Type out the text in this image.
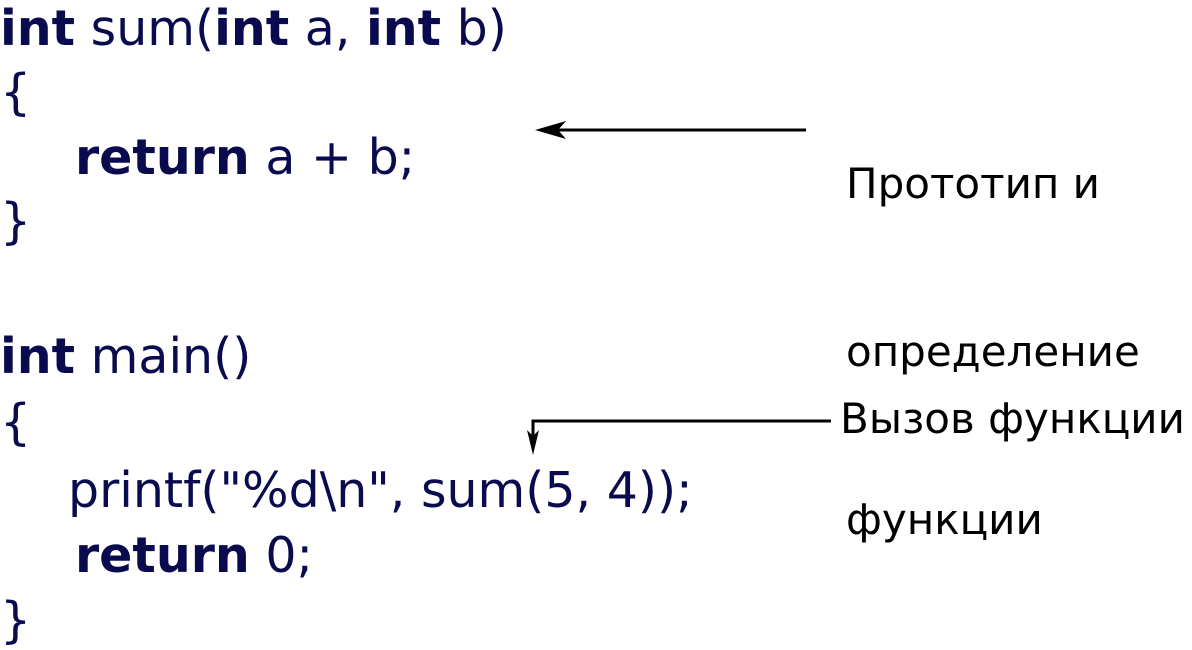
int sum(int a, int b)
{
return a + b;
}
int main()
{
printf("%d\n", sum(5, 4));
return 0;
}

Прототип и

определение

функции

Вызов функции
